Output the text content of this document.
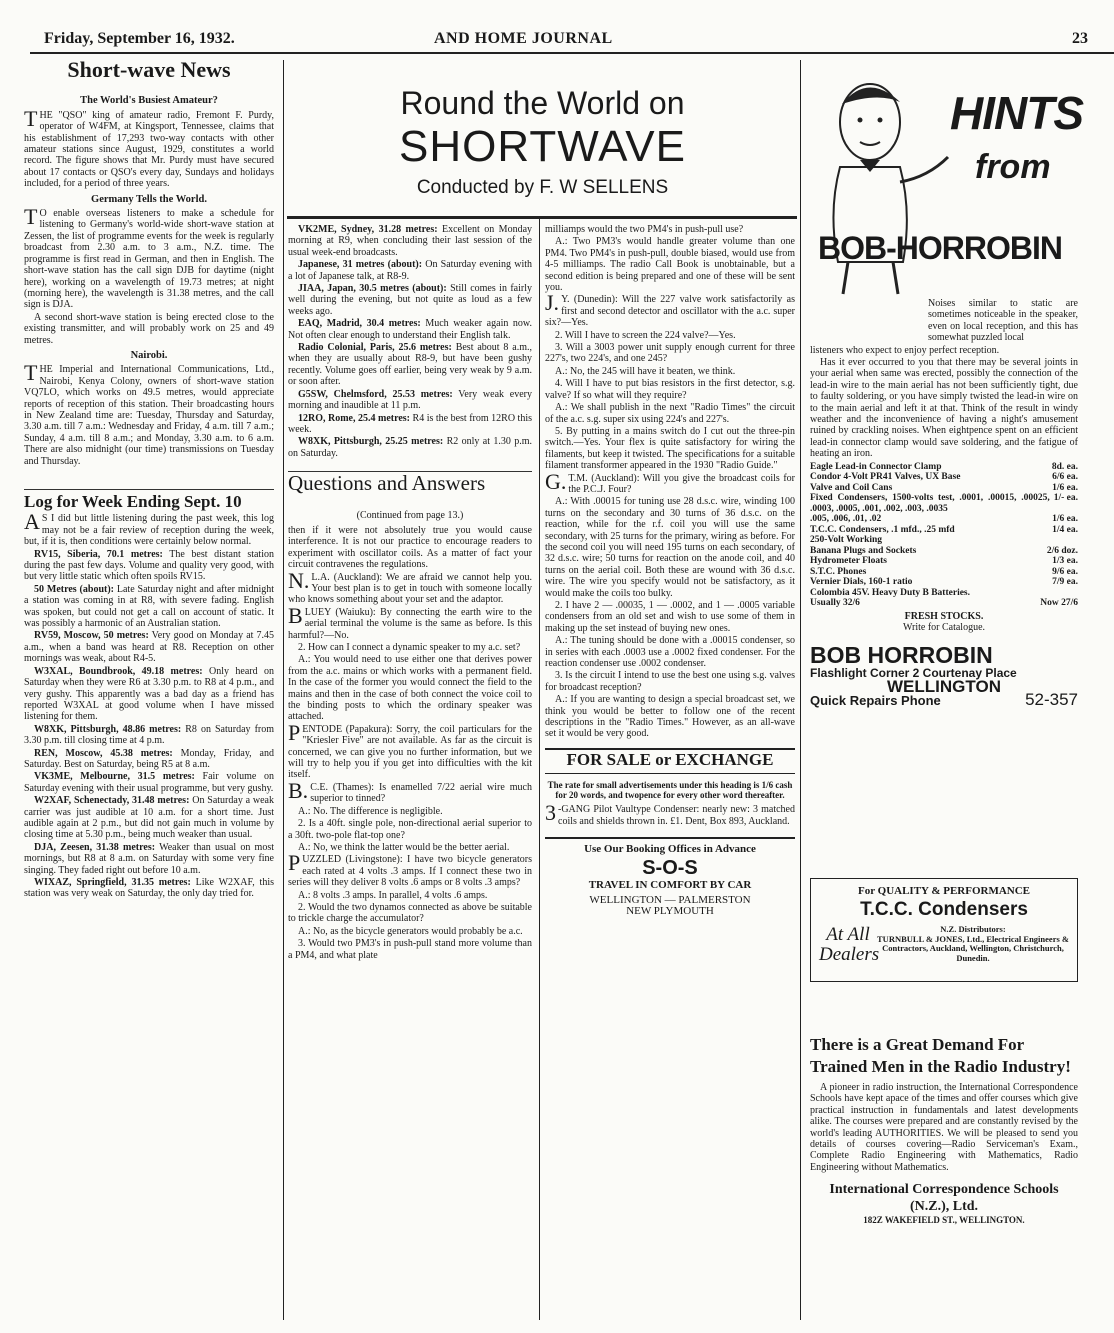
Friday, September 16, 1932.	AND HOME JOURNAL	23
Short-wave News
The World's Busiest Amateur?

THE "QSO" king of amateur radio, Fremont F. Purdy, operator of W4FM, at Kingsport, Tennessee, claims that his establishment of 17,293 two-way contacts with other amateur stations since August, 1929, constitutes a world record. The figure shows that Mr. Purdy must have secured about 17 contacts or QSO's every day, Sundays and holidays included, for a period of three years.

Germany Tells the World.

TO enable overseas listeners to make a schedule for listening to Germany's world-wide short-wave station at Zessen, the list of programme events for the week is regularly broadcast from 2.30 a.m. to 3 a.m., N.Z. time. The programme is first read in German, and then in English. The short-wave station has the call sign DJB for daytime (night here), working on a wavelength of 19.73 metres; at night (morning here), the wavelength is 31.38 metres, and the call sign is DJA.

A second short-wave station is being erected close to the existing transmitter, and will probably work on 25 and 49 metres.

Nairobi.

THE Imperial and International Communications, Ltd., Nairobi, Kenya Colony, owners of short-wave station VQ7LO, which works on 49.5 metres, would appreciate reports of reception of this station. Their broadcasting hours in New Zealand time are: Tuesday, Thursday and Saturday, 3.30 a.m. till 7 a.m.: Wednesday and Friday, 4 a.m. till 7 a.m.; Sunday, 4 a.m. till 8 a.m.; and Monday, 3.30 a.m. to 6 a.m. There are also midnight (our time) transmissions on Tuesday and Thursday.

Log for Week Ending Sept. 10

AS I did but little listening during the past week, this log may not be a fair review of reception during the week, but, if it is, then conditions were certainly below normal.

RV15, Siberia, 70.1 metres: The best distant station during the past few days. Volume and quality very good, with but very little static which often spoils RV15.

50 Metres (about): Late Saturday night and after midnight a station was coming in at R8, with severe fading. English was spoken, but could not get a call on account of static. It was possibly a harmonic of an Australian station.

RV59, Moscow, 50 metres: Very good on Monday at 7.45 a.m., when a band was heard at R8. Reception on other mornings was weak, about R4-5.

W3XAL, Boundbrook, 49.18 metres: Only heard on Saturday when they were R6 at 3.30 p.m. to R8 at 4 p.m., and very gushy. This apparently was a bad day as a friend has reported W3XAL at good volume when I have missed listening for them.

W8XK, Pittsburgh, 48.86 metres: R8 on Saturday from 3.30 p.m. till closing time at 4 p.m.

REN, Moscow, 45.38 metres: Monday, Friday, and Saturday. Best on Saturday, being R5 at 8 a.m.

VK3ME, Melbourne, 31.5 metres: Fair volume on Saturday evening with their usual programme, but very gushy.

W2XAF, Schenectady, 31.48 metres: On Saturday a weak carrier was just audible at 10 a.m. for a short time. Just audible again at 2 p.m., but did not gain much in volume by closing time at 5.30 p.m., being much weaker than usual.

DJA, Zeesen, 31.38 metres: Weaker than usual on most mornings, but R8 at 8 a.m. on Saturday with some very fine singing. They faded right out before 10 a.m.

WIXAZ, Springfield, 31.35 metres: Like W2XAF, this station was very weak on Saturday, the only day tried for.

Round the World on
SHORTWAVE
Conducted by F. W SELLENS

VK2ME, Sydney, 31.28 metres: Excellent on Monday morning at R9, when concluding their last session of the usual week-end broadcasts.

Japanese, 31 metres (about): On Saturday evening with a lot of Japanese talk, at R8-9.

JIAA, Japan, 30.5 metres (about): Still comes in fairly well during the evening, but not quite as loud as a few weeks ago.

EAQ, Madrid, 30.4 metres: Much weaker again now. Not often clear enough to understand their English talk.

Radio Colonial, Paris, 25.6 metres: Best about 8 a.m., when they are usually about R8-9, but have been gushy recently. Volume goes off earlier, being very weak by 9 a.m. or soon after.

G5SW, Chelmsford, 25.53 metres: Very weak every morning and inaudible at 11 p.m.

12RO, Rome, 25.4 metres: R4 is the best from 12RO this week.

W8XK, Pittsburgh, 25.25 metres: R2 only at 1.30 p.m. on Saturday.

Questions and Answers
(Continued from page 13.)

then if it were not absolutely true you would cause interference. It is not our practice to encourage readers to experiment with oscillator coils. As a matter of fact your circuit contravenes the regulations.

N.L.A. (Auckland): We are afraid we cannot help you. Your best plan is to get in touch with someone locally who knows something about your set and the adaptor.

BLUEY (Waiuku): By connecting the earth wire to the aerial terminal the volume is the same as before. Is this harmful?—No.

2. How can I connect a dynamic speaker to my a.c. set?

A.: You would need to use either one that derives power from the a.c. mains or which works with a permanent field. In the case of the former you would connect the field to the mains and then in the case of both connect the voice coil to the binding posts to which the ordinary speaker was attached.

PENTODE (Papakura): Sorry, the coil particulars for the "Kriesler Five" are not available. As far as the circuit is concerned, we can give you no further information, but we will try to help you if you get into difficulties with the kit itself.

B.C.E. (Thames): Is enamelled 7/22 aerial wire much superior to tinned?

A.: No. The difference is negligible.

2. Is a 40ft. single pole, non-directional aerial superior to a 30ft. two-pole flat-top one?

A.: No, we think the latter would be the better aerial.

PUZZLED (Livingstone): I have two bicycle generators each rated at 4 volts .3 amps. If I connect these two in series will they deliver 8 volts .6 amps or 8 volts .3 amps?

A.: 8 volts .3 amps. In parallel, 4 volts .6 amps.

2. Would the two dynamos connected as above be suitable to trickle charge the accumulator?

A.: No, as the bicycle generators would probably be a.c.

3. Would two PM3's in push-pull stand more volume than a PM4, and what plate

milliamps would the two PM4's in push-pull use?

A.: Two PM3's would handle greater volume than one PM4. Two PM4's in push-pull, double biased, would use from 4-5 milliamps. The radio Call Book is unobtainable, but a second edition is being prepared and one of these will be sent you.

J.Y. (Dunedin): Will the 227 valve work satisfactorily as first and second detector and oscillator with the a.c. super six?—Yes.

2. Will I have to screen the 224 valve?—Yes.

3. Will a 3003 power unit supply enough current for three 227's, two 224's, and one 245?

A.: No, the 245 will have it beaten, we think.

4. Will I have to put bias resistors in the first detector, s.g. valve? If so what will they require?

A.: We shall publish in the next "Radio Times" the circuit of the a.c. s.g. super six using 224's and 227's.

5. By putting in a mains switch do I cut out the three-pin switch.—Yes. Your flex is quite satisfactory for wiring the filaments, but keep it twisted. The specifications for a suitable filament transformer appeared in the 1930 "Radio Guide."

G.T.M. (Auckland): Will you give the broadcast coils for the P.C.J. Four?

A.: With .00015 for tuning use 28 d.s.c. wire, winding 100 turns on the secondary and 30 turns of 36 d.s.c. on the reaction, while for the r.f. coil you will use the same secondary, with 25 turns for the primary, wiring as before. For the second coil you will need 195 turns on each secondary, of 32 d.s.c. wire; 50 turns for reaction on the anode coil, and 40 turns on the aerial coil. Both these are wound with 36 d.s.c. wire. The wire you specify would not be satisfactory, as it would make the coils too bulky.

2. I have 2 — .00035, 1 — .0002, and 1 — .0005 variable condensers from an old set and wish to use some of them in making up the set instead of buying new ones.

A.: The tuning should be done with a .00015 condenser, so in series with each .0003 use a .0002 fixed condenser. For the reaction condenser use .0002 condenser.

3. Is the circuit I intend to use the best one using s.g. valves for broadcast reception?

A.: If you are wanting to design a special broadcast set, we think you would be better to follow one of the recent descriptions in the "Radio Times." However, as an all-wave set it would be very good.

FOR SALE or EXCHANGE

The rate for small advertisements under this heading is 1/6 cash for 20 words, and twopence for every other word thereafter.

3-GANG Pilot Vaultype Condenser: nearly new: 3 matched coils and shields thrown in. £1. Dent, Box 893, Auckland.

Use Our Booking Offices in Advance
S-O-S
TRAVEL IN COMFORT BY CAR
WELLINGTON — PALMERSTON
NEW PLYMOUTH
HINTS
from
BOB-HORROBIN

Noises similar to static are sometimes noticeable in the speaker, even on local reception, and this has somewhat puzzled local

listeners who expect to enjoy perfect reception.

Has it ever occurred to you that there may be several joints in your aerial when same was erected, possibly the connection of the lead-in wire to the main aerial has not been sufficiently tight, due to faulty soldering, or you have simply twisted the lead-in wire on to the main aerial and left it at that. Think of the result in windy weather and the inconvenience of having a night's amusement ruined by crackling noises. When eightpence spent on an efficient lead-in connector clamp would save soldering, and the fatigue of heating an iron.

Eagle Lead-in Connector Clamp	8d. ea.
Condor 4-Volt PR41 Valves, UX Base	6/6 ea.
Valve and Coil Cans	1/6 ea.
Fixed Condensers, 1500-volts test, .0001, .00015, .00025, .0003, .0005, .001, .002, .003, .0035
1/- ea.
.005, .006, .01, .02	1/6 ea.
T.C.C. Condensers, .1 mfd., .25 mfd	1/4 ea.
250-Volt Working
Banana Plugs and Sockets	2/6 doz.
Hydrometer Floats	1/3 ea.
S.T.C. Phones	9/6 ea.
Vernier Dials, 160-1 ratio	7/9 ea.
Colombia 45V. Heavy Duty B Batteries.
Usually 32/6	Now 27/6
FRESH STOCKS.
Write for Catalogue.
BOB HORROBIN
Flashlight Corner 2 Courtenay Place
WELLINGTON
Quick Repairs Phone	52-357
For QUALITY & PERFORMANCE
T.C.C. Condensers
At All
Dealers
N.Z. Distributors:
TURNBULL & JONES, Ltd., Electrical Engineers & Contractors, Auckland, Wellington, Christchurch, Dunedin.
There is a Great Demand For Trained Men in the Radio Industry!

A pioneer in radio instruction, the International Correspondence Schools have kept apace of the times and offer courses which give practical instruction in fundamentals and latest developments alike. The courses were prepared and are constantly revised by the world's leading AUTHORITIES. We will be pleased to send you details of courses covering—Radio Serviceman's Exam., Complete Radio Engineering with Mathematics, Radio Engineering without Mathematics.

International Correspondence Schools (N.Z.), Ltd.
182Z WAKEFIELD ST., WELLINGTON.
